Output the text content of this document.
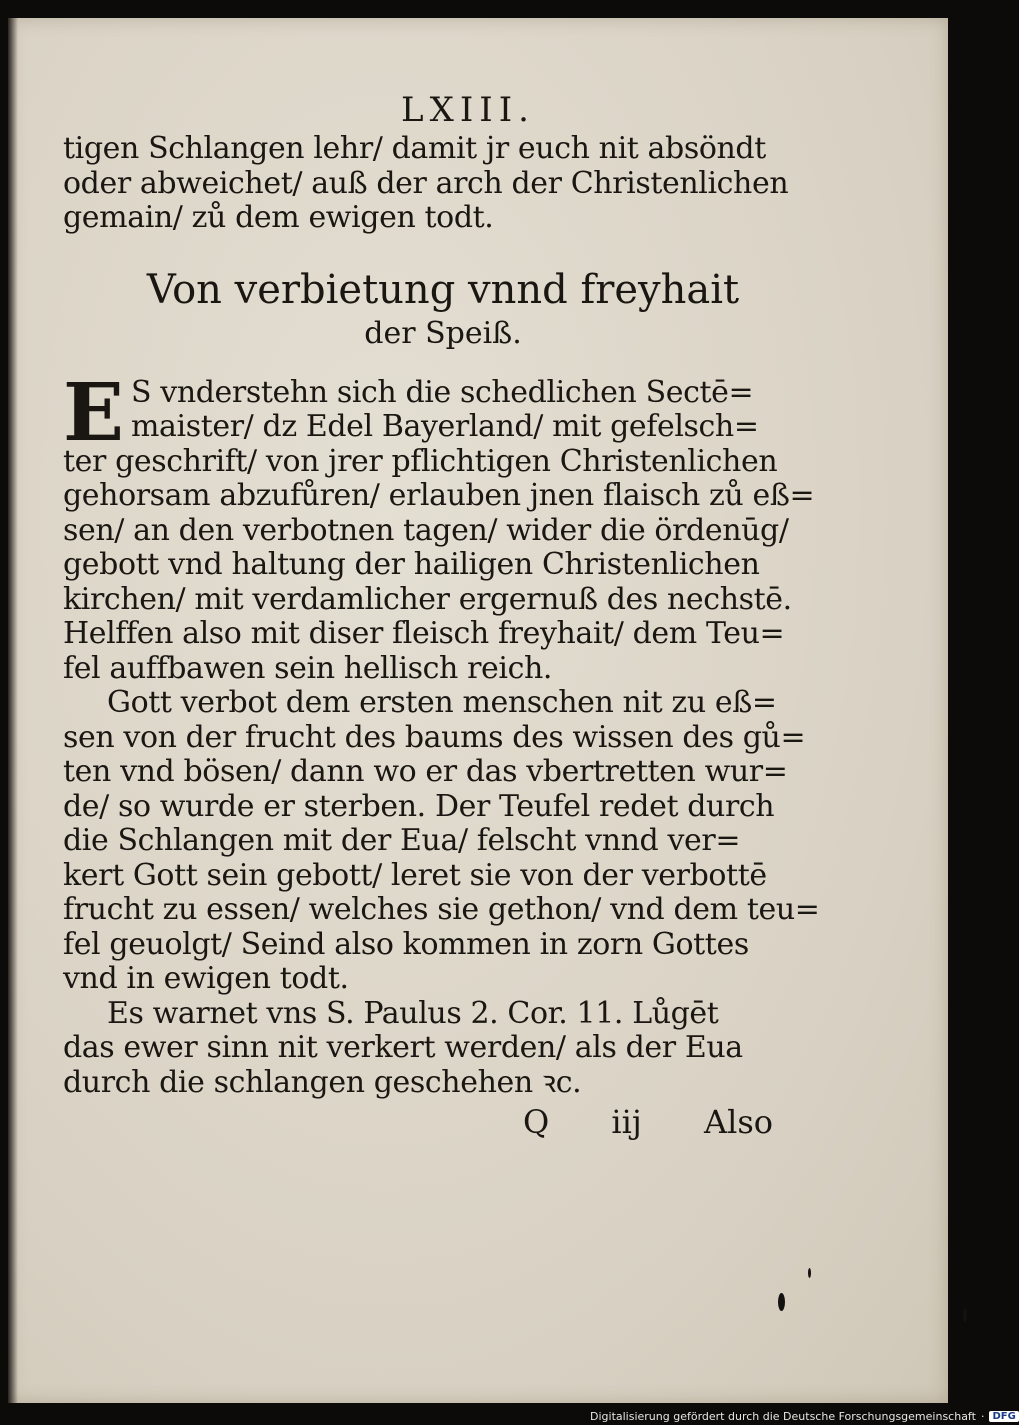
LXIII.
tigen Schlangen lehr/ damit jr euch nit absöndt
oder abweichet/ auß der arch der Christenlichen
gemain/ zů dem ewigen todt.
Von verbietung vnnd freyhait
der Speiß.
E S vnderstehn sich die schedlichen Sectē=
maister/ dz Edel Bayerland/ mit gefelsch=
ter geschrift/ von jrer pflichtigen Christenlichen
gehorsam abzufůren/ erlauben jnen flaisch zů eß=
sen/ an den verbotnen tagen/ wider die ördenūg/
gebott vnd haltung der hailigen Christenlichen
kirchen/ mit verdamlicher ergernuß des nechstē.
Helffen also mit diser fleisch freyhait/ dem Teu=
fel auffbawen sein hellisch reich.
Gott verbot dem ersten menschen nit zu eß=
sen von der frucht des baums des wissen des gů=
ten vnd bösen/ dann wo er das vbertretten wur=
de/ so wurde er sterben. Der Teufel redet durch
die Schlangen mit der Eua/ felscht vnnd ver=
kert Gott sein gebott/ leret sie von der verbottē
frucht zu essen/ welches sie gethon/ vnd dem teu=
fel geuolgt/ Seind also kommen in zorn Gottes
vnd in ewigen todt.
Es warnet vns S. Paulus 2. Cor. 11. Lůgēt
das ewer sinn nit verkert werden/ als der Eua
durch die schlangen geschehen ꝛc.
Q iij Also
Digitalisierung gefördert durch die Deutsche Forschungsgemeinschaft · DFG
